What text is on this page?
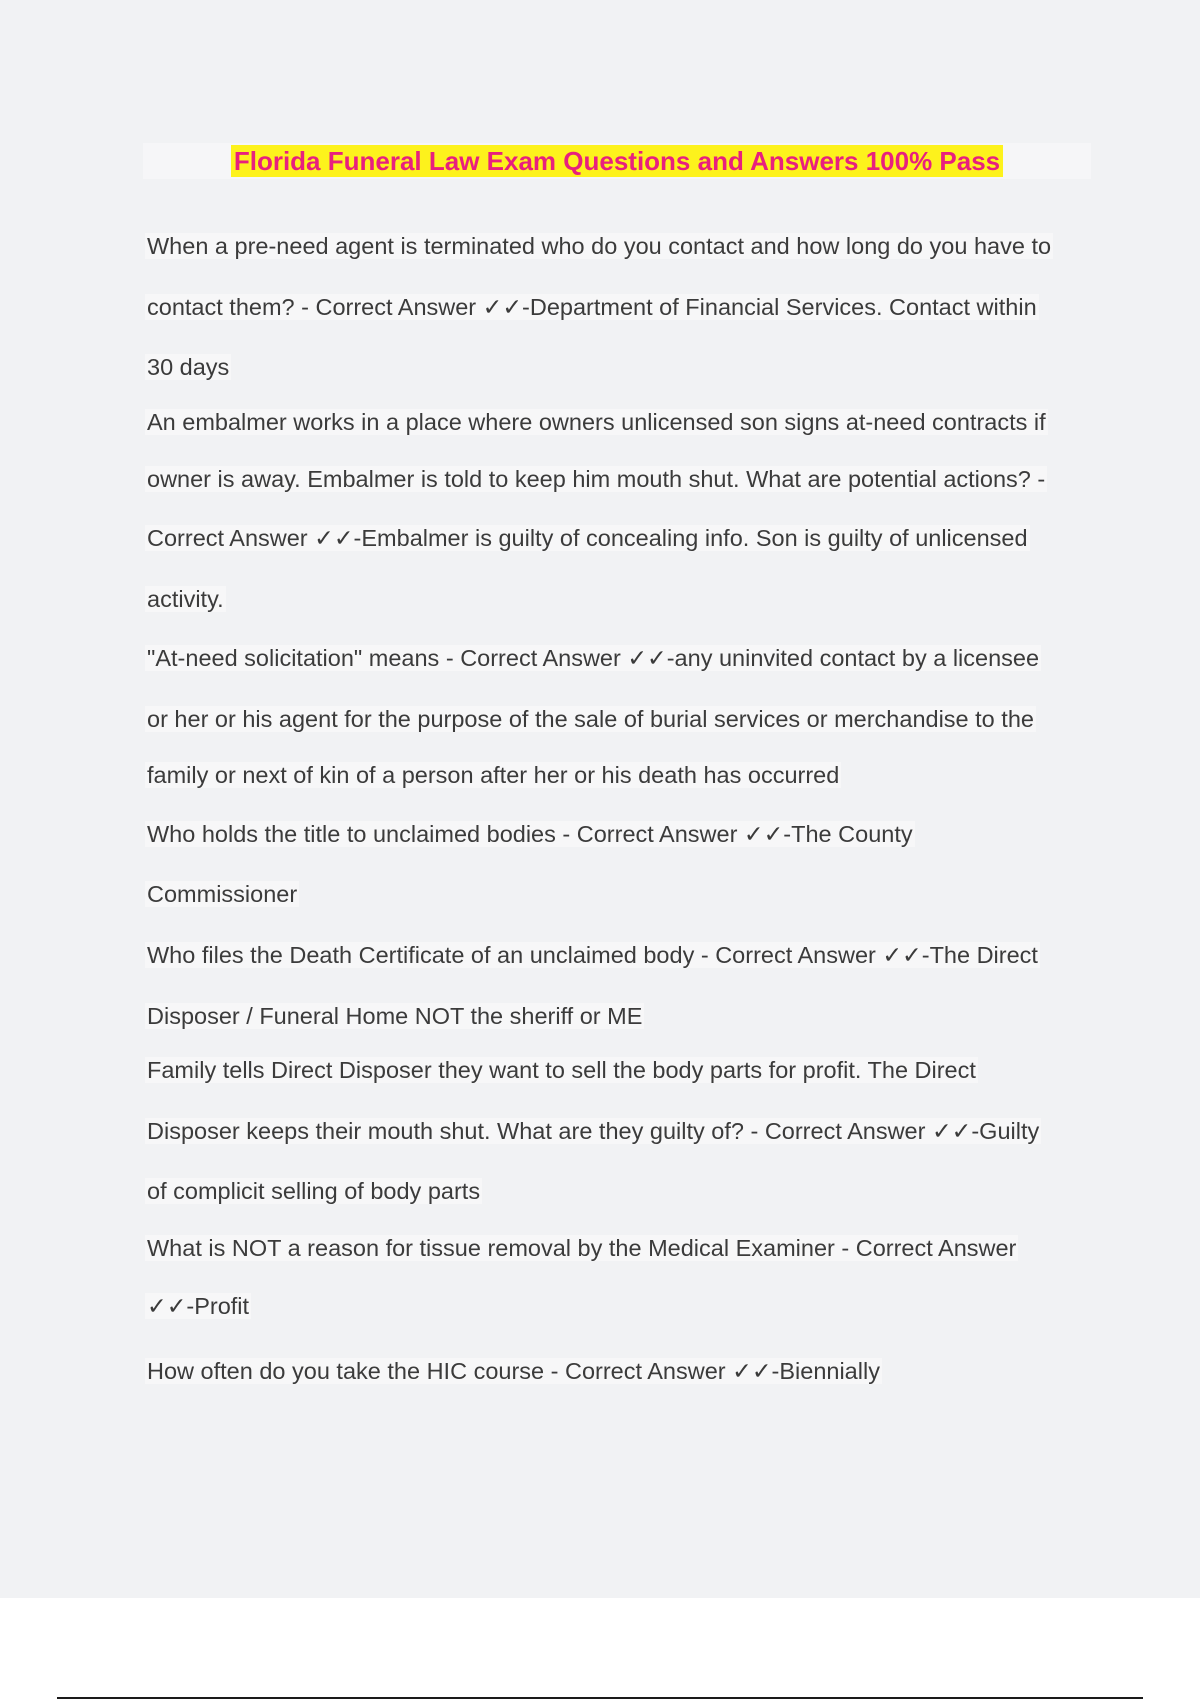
Florida Funeral Law Exam Questions and Answers 100% Pass
When a pre-need agent is terminated who do you contact and how long do you have to
contact them? - Correct Answer ✓✓-Department of Financial Services. Contact within
30 days
An embalmer works in a place where owners unlicensed son signs at-need contracts if
owner is away. Embalmer is told to keep him mouth shut. What are potential actions? -
Correct Answer ✓✓-Embalmer is guilty of concealing info. Son is guilty of unlicensed
activity.
"At-need solicitation" means - Correct Answer ✓✓-any uninvited contact by a licensee
or her or his agent for the purpose of the sale of burial services or merchandise to the
family or next of kin of a person after her or his death has occurred
Who holds the title to unclaimed bodies - Correct Answer ✓✓-The County
Commissioner
Who files the Death Certificate of an unclaimed body - Correct Answer ✓✓-The Direct
Disposer / Funeral Home NOT the sheriff or ME
Family tells Direct Disposer they want to sell the body parts for profit. The Direct
Disposer keeps their mouth shut. What are they guilty of? - Correct Answer ✓✓-Guilty
of complicit selling of body parts
What is NOT a reason for tissue removal by the Medical Examiner - Correct Answer
✓✓-Profit
How often do you take the HIC course - Correct Answer ✓✓-Biennially
